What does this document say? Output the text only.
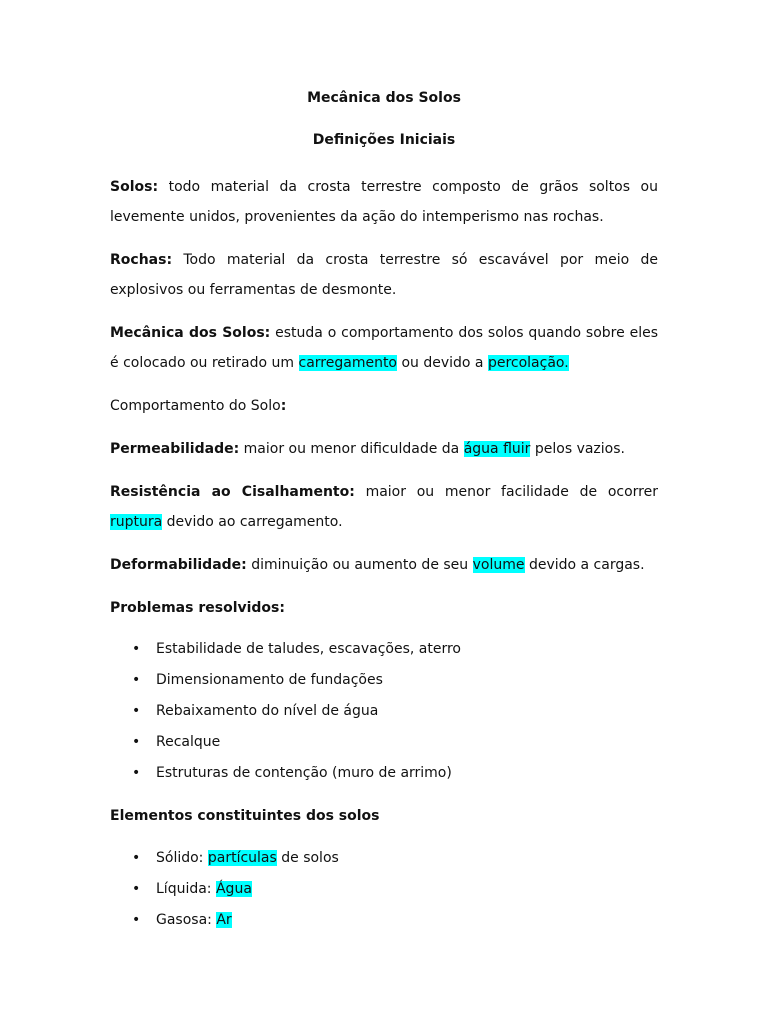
Mecânica dos Solos

Definições Iniciais

Solos: todo material da crosta terrestre composto de grãos soltos ou levemente unidos, provenientes da ação do intemperismo nas rochas.

Rochas: Todo material da crosta terrestre só escavável por meio de explosivos ou ferramentas de desmonte.

Mecânica dos Solos: estuda o comportamento dos solos quando sobre eles é colocado ou retirado um carregamento ou devido a percolação.

Comportamento do Solo:

Permeabilidade: maior ou menor dificuldade da água fluir pelos vazios.

Resistência ao Cisalhamento: maior ou menor facilidade de ocorrer ruptura devido ao carregamento.

Deformabilidade: diminuição ou aumento de seu volume devido a cargas.

Problemas resolvidos:

• Estabilidade de taludes, escavações, aterro
• Dimensionamento de fundações
• Rebaixamento do nível de água
• Recalque
• Estruturas de contenção (muro de arrimo)

Elementos constituintes dos solos

• Sólido: partículas de solos
• Líquida: Água
• Gasosa: Ar
